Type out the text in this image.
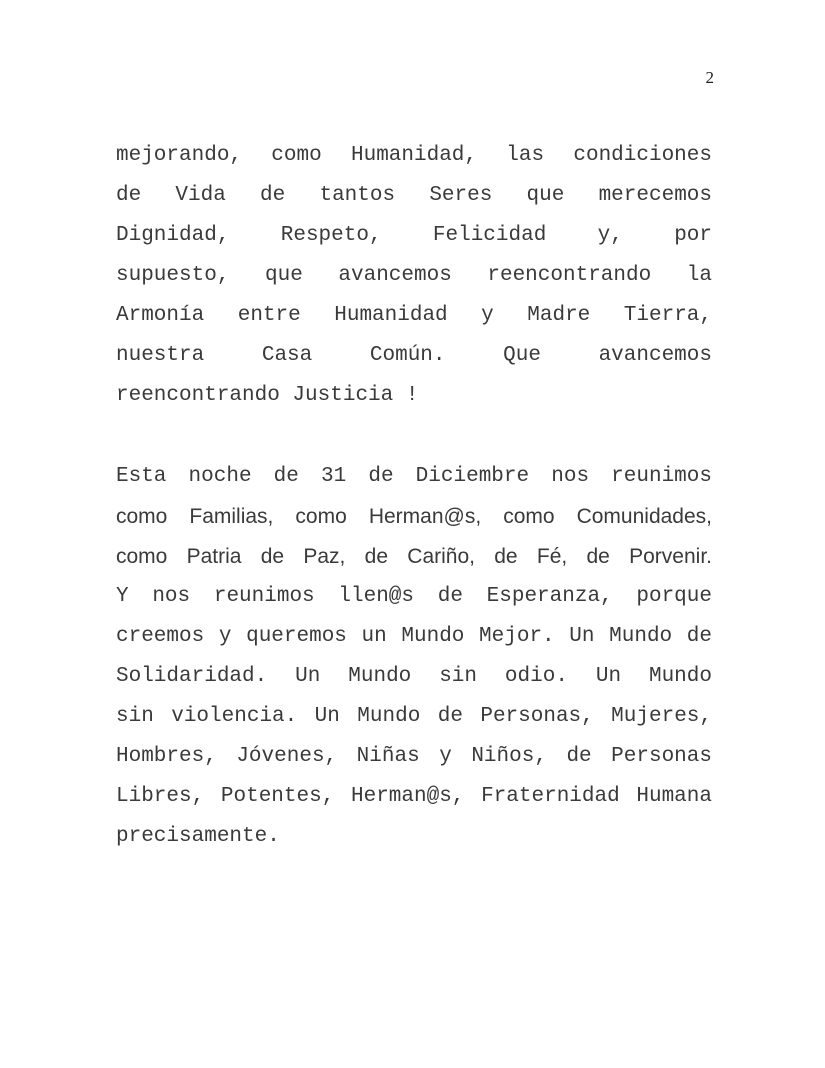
2
mejorando, como Humanidad, las condiciones
de Vida de tantos Seres que merecemos
Dignidad, Respeto, Felicidad y, por
supuesto, que avancemos reencontrando la
Armonía entre Humanidad y Madre Tierra,
nuestra Casa Común. Que avancemos
reencontrando Justicia !
Esta noche de 31 de Diciembre nos reunimos
como Familias, como Herman@s, como Comunidades,
como Patria de Paz, de Cariño, de Fé, de Porvenir.
Y nos reunimos llen@s de Esperanza, porque
creemos y queremos un Mundo Mejor. Un Mundo de
Solidaridad. Un Mundo sin odio. Un Mundo
sin violencia. Un Mundo de Personas, Mujeres,
Hombres, Jóvenes, Niñas y Niños, de Personas
Libres, Potentes, Herman@s, Fraternidad Humana
precisamente.
